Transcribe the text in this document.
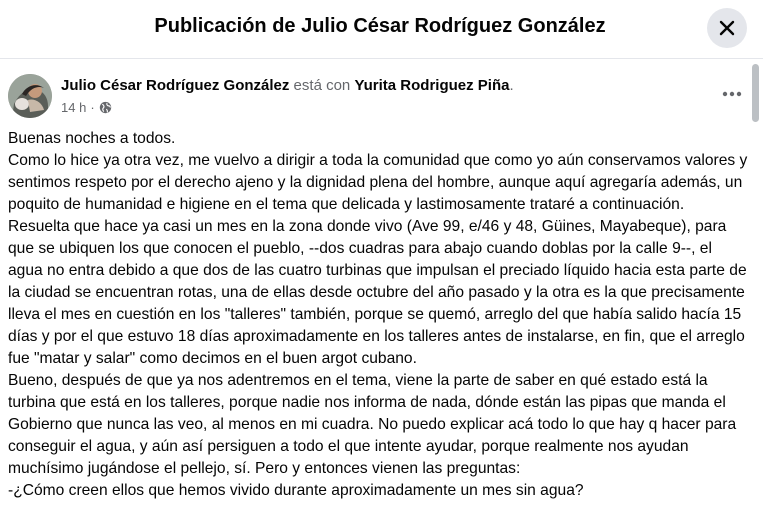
Publicación de Julio César Rodríguez González
Julio César Rodríguez González está con Yurita Rodriguez Piña.
14 h ·

Buenas noches a todos.

Como lo hice ya otra vez, me vuelvo a dirigir a toda la comunidad que como yo aún conservamos valores y sentimos respeto por el derecho ajeno y la dignidad plena del hombre, aunque aquí agregaría además, un poquito de humanidad e higiene en el tema que delicada y lastimosamente trataré a continuación.

Resuelta que hace ya casi un mes en la zona donde vivo (Ave 99, e/46 y 48, Güines, Mayabeque), para que se ubiquen los que conocen el pueblo, --dos cuadras para abajo cuando doblas por la calle 9--, el agua no entra debido a que dos de las cuatro turbinas que impulsan el preciado líquido hacia esta parte de la ciudad se encuentran rotas, una de ellas desde octubre del año pasado y la otra es la que precisamente lleva el mes en cuestión en los "talleres" también, porque se quemó, arreglo del que había salido hacía 15 días y por el que estuvo 18 días aproximadamente en los talleres antes de instalarse, en fin, que el arreglo fue "matar y salar" como decimos en el buen argot cubano.

Bueno, después de que ya nos adentremos en el tema, viene la parte de saber en qué estado está la turbina que está en los talleres, porque nadie nos informa de nada, dónde están las pipas que manda el Gobierno que nunca las veo, al menos en mi cuadra. No puedo explicar acá todo lo que hay q hacer para conseguir el agua, y aún así persiguen a todo el que intente ayudar, porque realmente nos ayudan muchísimo jugándose el pellejo, sí. Pero y entonces vienen las preguntas:

-¿Cómo creen ellos que hemos vivido durante aproximadamente un mes sin agua?
